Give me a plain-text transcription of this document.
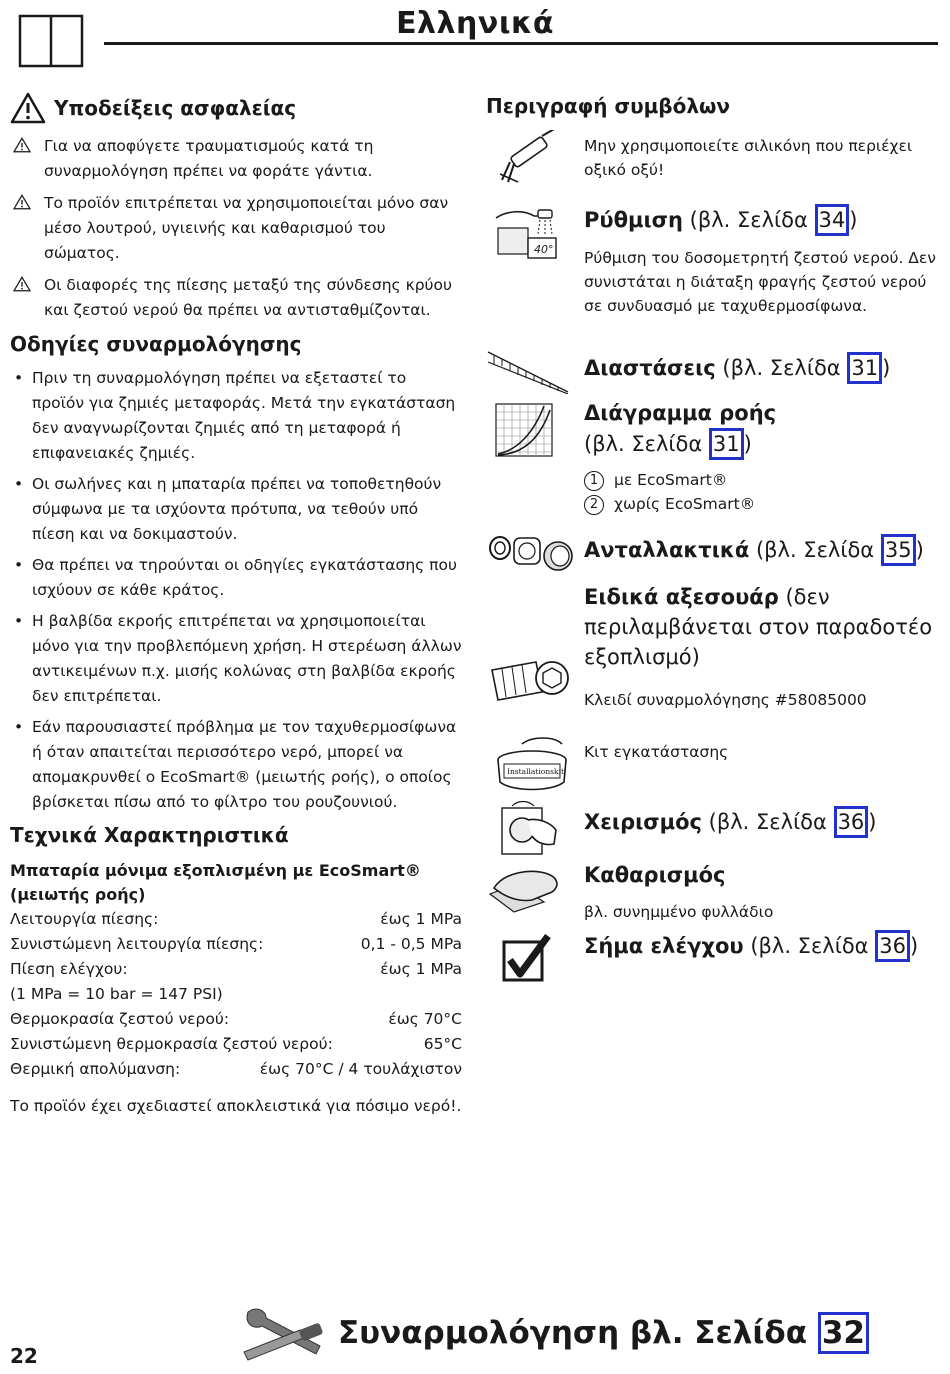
Ελληνικά
Υποδείξεις ασφαλείας
Για να αποφύγετε τραυματισμούς κατά τη συναρμολόγηση πρέπει να φοράτε γάντια.
Το προϊόν επιτρέπεται να χρησιμοποιείται μόνο σαν μέσο λουτρού, υγιεινής και καθαρισμού του σώματος.
Οι διαφορές της πίεσης μεταξύ της σύνδεσης κρύου και ζεστού νερού θα πρέπει να αντισταθμίζονται.
Οδηγίες συναρμολόγησης
• Πριν τη συναρμολόγηση πρέπει να εξεταστεί το προϊόν για ζημιές μεταφοράς. Μετά την εγκατάσταση δεν αναγνωρίζονται ζημιές από τη μεταφορά ή επιφανειακές ζημιές.
• Οι σωλήνες και η μπαταρία πρέπει να τοποθετηθούν σύμφωνα με τα ισχύοντα πρότυπα, να τεθούν υπό πίεση και να δοκιμαστούν.
• Θα πρέπει να τηρούνται οι οδηγίες εγκατάστασης που ισχύουν σε κάθε κράτος.
• Η βαλβίδα εκροής επιτρέπεται να χρησιμοποιείται μόνο για την προβλεπόμενη χρήση. Η στερέωση άλλων αντικειμένων π.χ. μισής κολώνας στη βαλβίδα εκροής δεν επιτρέπεται.
• Εάν παρουσιαστεί πρόβλημα με τον ταχυθερμοσίφωνα ή όταν απαιτείται περισσότερο νερό, μπορεί να απομακρυνθεί ο EcoSmart® (μειωτής ροής), ο οποίος βρίσκεται πίσω από το φίλτρο του ρουζουνιού.
Τεχνικά Χαρακτηριστικά
Μπαταρία μόνιμα εξοπλισμένη με EcoSmart® (μειωτής ροής)
Λειτουργία πίεσης:	έως 1 MPa
Συνιστώμενη λειτουργία πίεσης:	0,1 - 0,5 MPa
Πίεση ελέγχου:	έως 1 MPa
(1 MPa = 10 bar = 147 PSI)
Θερμοκρασία ζεστού νερού:	έως 70°C
Συνιστώμενη θερμοκρασία ζεστού νερού:	65°C
Θερμική απολύμανση:	έως 70°C / 4 τουλάχιστον
Το προϊόν έχει σχεδιαστεί αποκλειστικά για πόσιμο νερό!.
Περιγραφή συμβόλων
Μην χρησιμοποιείτε σιλικόνη που περιέχει οξικό οξύ!
40°
Ρύθμιση (βλ. Σελίδα 34 )
Ρύθμιση του δοσομετρητή ζεστού νερού. Δεν συνιστάται η διάταξη φραγής ζεστού νερού σε συνδυασμό με ταχυθερμοσίφωνα.
Διαστάσεις (βλ. Σελίδα 31 )
Διάγραμμα ροής
(βλ. Σελίδα 31 )
1 με EcoSmart®
2 χωρίς EcoSmart®
Ανταλλακτικά (βλ. Σελίδα 35 )
Ειδικά αξεσουάρ (δεν περιλαμβάνεται στον παραδοτέο εξοπλισμό)
Κλειδί συναρμολόγησης #58085000
Installationskit
Κιτ εγκατάστασης
Χειρισμός (βλ. Σελίδα 36 )
Καθαρισμός
βλ. συνημμένο φυλλάδιο
Σήμα ελέγχου (βλ. Σελίδα 36 )
22
Συναρμολόγηση βλ. Σελίδα 32
